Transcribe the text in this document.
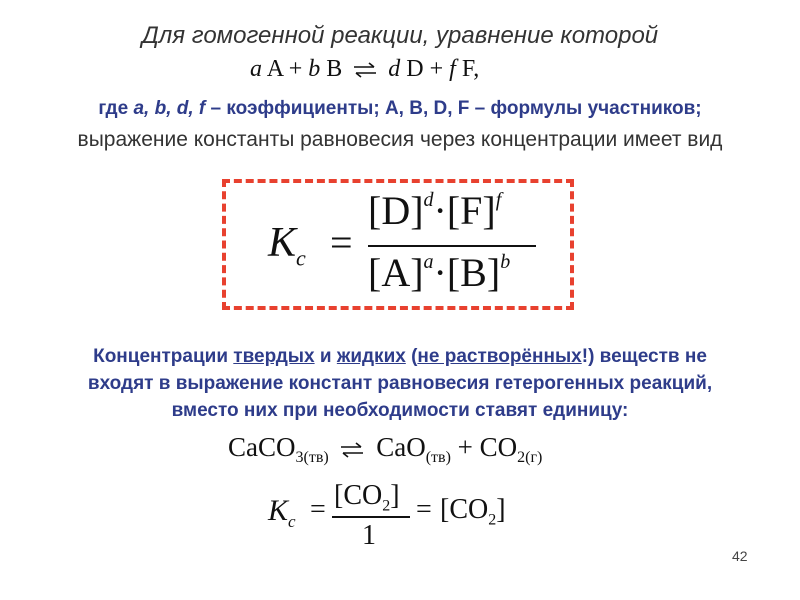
Для гомогенной реакции, уравнение которой
a A + b B ⇌ d D + f F,
где a, b, d, f – коэффициенты; A, B, D, F – формулы участников;
выражение константы равновесия через концентрации имеет вид
$K_c$ =
$[D]^d\cdot[F]^f$
$[A]^a\cdot[B]^b$
Концентрации твердых и жидких (не растворённых!) веществ не
входят в выражение констант равновесия гетерогенных реакций,
вместо них при необходимости ставят единицу:
CaCO$_{3(тв)}$ ⇌ $CaO_{(тв)} + CO_{2(г)}$
$K_c = [CO_2]$
1
= $[CO_2]$
42
